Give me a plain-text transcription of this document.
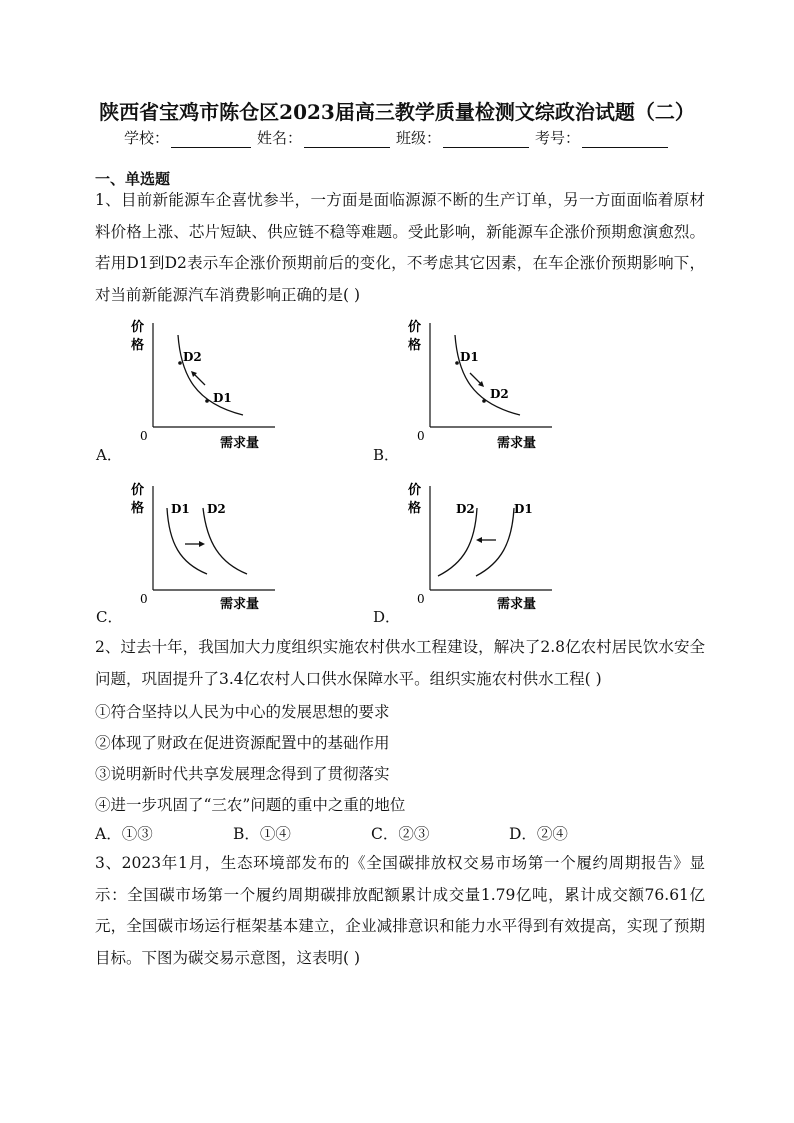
陕西省宝鸡市陈仓区2023届高三教学质量检测文综政治试题（二）
学校：	姓名：	班级：	考号：
一、单选题
1、目前新能源车企喜忧参半，一方面是面临源源不断的生产订单，另一方面面临着原材料价格上涨、芯片短缺、供应链不稳等难题。受此影响，新能源车企涨价预期愈演愈烈。若用D1到D2表示车企涨价预期前后的变化，不考虑其它因素，在车企涨价预期影响下，对当前新能源汽车消费影响正确的是( )
价
格
0	需求量
D2
D1
A．
价
格
0	需求量
D1
D2
B．
价
格
0	需求量
D1 D2
C．
价
格
0	需求量
D2	D1
D．
2、过去十年，我国加大力度组织实施农村供水工程建设，解决了2.8亿农村居民饮水安全问题，巩固提升了3.4亿农村人口供水保障水平。组织实施农村供水工程( )
①符合坚持以人民为中心的发展思想的要求
②体现了财政在促进资源配置中的基础作用
③说明新时代共享发展理念得到了贯彻落实
④进一步巩固了“三农”问题的重中之重的地位
A．①③	B．①④	C．②③	D．②④
3、2023年1月，生态环境部发布的《全国碳排放权交易市场第一个履约周期报告》显示：全国碳市场第一个履约周期碳排放配额累计成交量1.79亿吨，累计成交额76.61亿元，全国碳市场运行框架基本建立，企业减排意识和能力水平得到有效提高，实现了预期目标。下图为碳交易示意图，这表明( )
